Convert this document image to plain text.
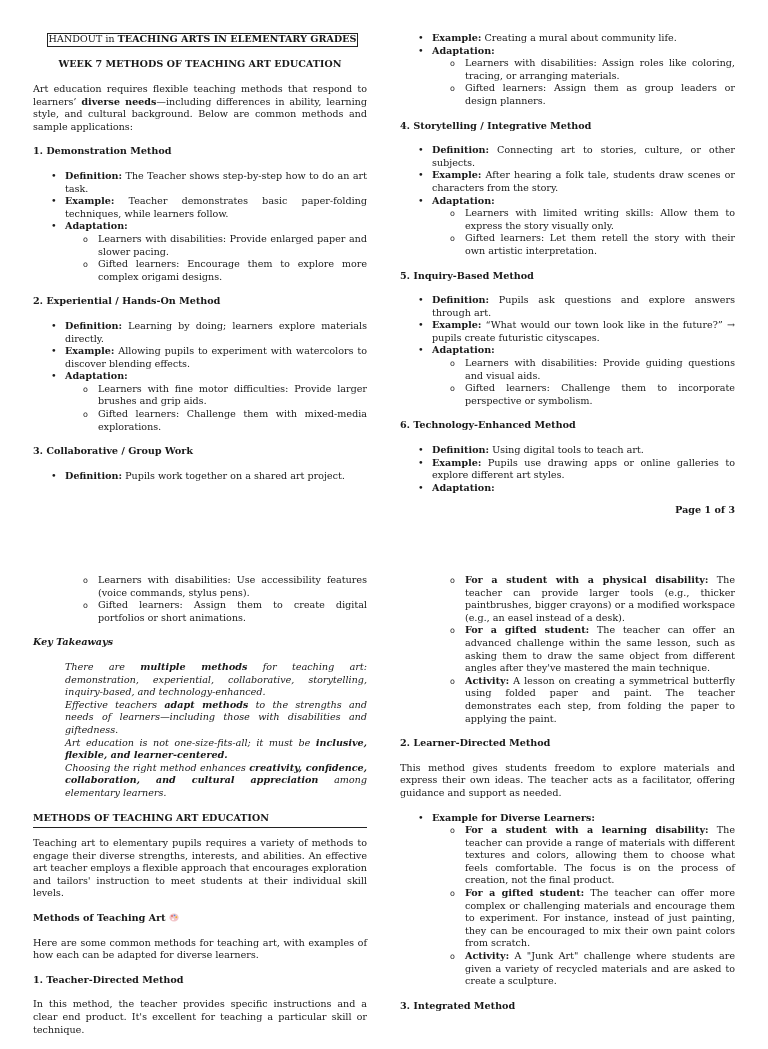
HANDOUT in TEACHING ARTS IN ELEMENTARY GRADES
WEEK 7 METHODS OF TEACHING ART EDUCATION

Art education requires flexible teaching methods that respond to learners’ diverse needs—including differences in ability, learning style, and cultural background. Below are common methods and sample applications:

1. Demonstration Method
• Definition: The Teacher shows step-by-step how to do an art task.
• Example: Teacher demonstrates basic paper-folding techniques, while learners follow.
• Adaptation:
o Learners with disabilities: Provide enlarged paper and slower pacing.
o Gifted learners: Encourage them to explore more complex origami designs.
2. Experiential / Hands-On Method
• Definition: Learning by doing; learners explore materials directly.
• Example: Allowing pupils to experiment with watercolors to discover blending effects.
• Adaptation:
o Learners with fine motor difficulties: Provide larger brushes and grip aids.
o Gifted learners: Challenge them with mixed-media explorations.
3. Collaborative / Group Work
• Definition: Pupils work together on a shared art project.
• Example: Creating a mural about community life.
• Adaptation:
o Learners with disabilities: Assign roles like coloring, tracing, or arranging materials.
o Gifted learners: Assign them as group leaders or design planners.
4. Storytelling / Integrative Method
• Definition: Connecting art to stories, culture, or other subjects.
• Example: After hearing a folk tale, students draw scenes or characters from the story.
• Adaptation:
o Learners with limited writing skills: Allow them to express the story visually only.
o Gifted learners: Let them retell the story with their own artistic interpretation.
5. Inquiry-Based Method
• Definition: Pupils ask questions and explore answers through art.
• Example: “What would our town look like in the future?” → pupils create futuristic cityscapes.
• Adaptation:
o Learners with disabilities: Provide guiding questions and visual aids.
o Gifted learners: Challenge them to incorporate perspective or symbolism.
6. Technology-Enhanced Method
• Definition: Using digital tools to teach art.
• Example: Pupils use drawing apps or online galleries to explore different art styles.
• Adaptation:
Page 1 of 3
o Learners with disabilities: Use accessibility features (voice commands, stylus pens).
o Gifted learners: Assign them to create digital portfolios or short animations.
Key Takeaways
There are multiple methods for teaching art: demonstration, experiential, collaborative, storytelling, inquiry-based, and technology-enhanced.
Effective teachers adapt methods to the strengths and needs of learners—including those with disabilities and giftedness.
Art education is not one-size-fits-all; it must be inclusive, flexible, and learner-centered.
Choosing the right method enhances creativity, confidence, collaboration, and cultural appreciation among elementary learners.
METHODS OF TEACHING ART EDUCATION

Teaching art to elementary pupils requires a variety of methods to engage their diverse strengths, interests, and abilities. An effective art teacher employs a flexible approach that encourages exploration and tailors' instruction to meet students at their individual skill levels.

Methods of Teaching Art

Here are some common methods for teaching art, with examples of how each can be adapted for diverse learners.

1. Teacher-Directed Method

In this method, the teacher provides specific instructions and a clear end product. It's excellent for teaching a particular skill or technique.

o For a student with a physical disability: The teacher can provide larger tools (e.g., thicker paintbrushes, bigger crayons) or a modified workspace (e.g., an easel instead of a desk).
o For a gifted student: The teacher can offer an advanced challenge within the same lesson, such as asking them to draw the same object from different angles after they've mastered the main technique.
o Activity: A lesson on creating a symmetrical butterfly using folded paper and paint. The teacher demonstrates each step, from folding the paper to applying the paint.
2. Learner-Directed Method

This method gives students freedom to explore materials and express their own ideas. The teacher acts as a facilitator, offering guidance and support as needed.

• Example for Diverse Learners:
o For a student with a learning disability: The teacher can provide a range of materials with different textures and colors, allowing them to choose what feels comfortable. The focus is on the process of creation, not the final product.
o For a gifted student: The teacher can offer more complex or challenging materials and encourage them to experiment. For instance, instead of just painting, they can be encouraged to mix their own paint colors from scratch.
o Activity: A "Junk Art" challenge where students are given a variety of recycled materials and are asked to create a sculpture.
3. Integrated Method
